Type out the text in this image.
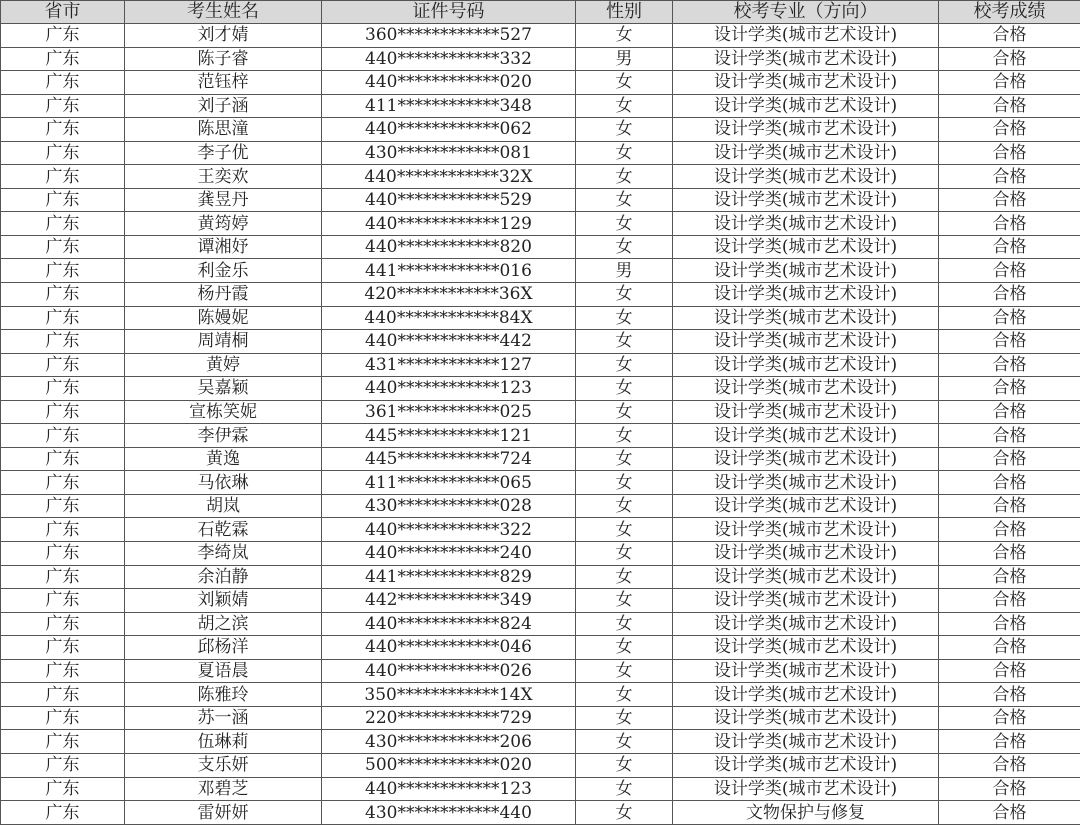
省市	考生姓名	证件号码	性别	校考专业（方向）	校考成绩
广东	刘才婧	360************527	女	设计学类(城市艺术设计)	合格
广东	陈子睿	440************332	男	设计学类(城市艺术设计)	合格
广东	范钰梓	440************020	女	设计学类(城市艺术设计)	合格
广东	刘子涵	411************348	女	设计学类(城市艺术设计)	合格
广东	陈思潼	440************062	女	设计学类(城市艺术设计)	合格
广东	李子优	430************081	女	设计学类(城市艺术设计)	合格
广东	王奕欢	440************32X	女	设计学类(城市艺术设计)	合格
广东	龚昱丹	440************529	女	设计学类(城市艺术设计)	合格
广东	黄筠婷	440************129	女	设计学类(城市艺术设计)	合格
广东	谭湘妤	440************820	女	设计学类(城市艺术设计)	合格
广东	利金乐	441************016	男	设计学类(城市艺术设计)	合格
广东	杨丹霞	420************36X	女	设计学类(城市艺术设计)	合格
广东	陈嫚妮	440************84X	女	设计学类(城市艺术设计)	合格
广东	周靖桐	440************442	女	设计学类(城市艺术设计)	合格
广东	黄婷	431************127	女	设计学类(城市艺术设计)	合格
广东	吴嘉颖	440************123	女	设计学类(城市艺术设计)	合格
广东	宣栋笑妮	361************025	女	设计学类(城市艺术设计)	合格
广东	李伊霖	445************121	女	设计学类(城市艺术设计)	合格
广东	黄逸	445************724	女	设计学类(城市艺术设计)	合格
广东	马依琳	411************065	女	设计学类(城市艺术设计)	合格
广东	胡岚	430************028	女	设计学类(城市艺术设计)	合格
广东	石乾霖	440************322	女	设计学类(城市艺术设计)	合格
广东	李绮岚	440************240	女	设计学类(城市艺术设计)	合格
广东	余泊静	441************829	女	设计学类(城市艺术设计)	合格
广东	刘颖婧	442************349	女	设计学类(城市艺术设计)	合格
广东	胡之滨	440************824	女	设计学类(城市艺术设计)	合格
广东	邱杨洋	440************046	女	设计学类(城市艺术设计)	合格
广东	夏语晨	440************026	女	设计学类(城市艺术设计)	合格
广东	陈雅玲	350************14X	女	设计学类(城市艺术设计)	合格
广东	苏一涵	220************729	女	设计学类(城市艺术设计)	合格
广东	伍琳莉	430************206	女	设计学类(城市艺术设计)	合格
广东	支乐妍	500************020	女	设计学类(城市艺术设计)	合格
广东	邓碧芝	440************123	女	设计学类(城市艺术设计)	合格
广东	雷妍妍	430************440	女	文物保护与修复	合格
